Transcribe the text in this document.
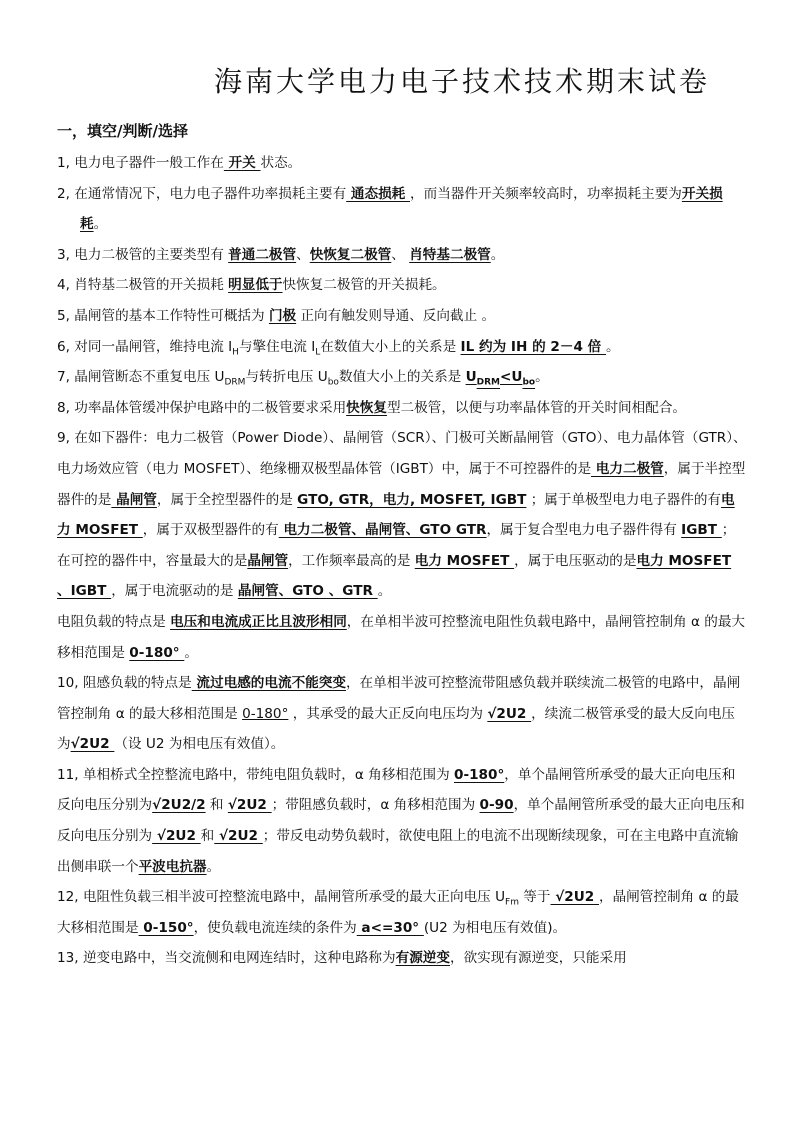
海南大学电力电子技术技术期末试卷
一，填空/判断/选择

1, 电力电子器件一般工作在 开关 状态。

2, 在通常情况下，电力电子器件功率损耗主要有 通态损耗 ，而当器件开关频率较高时，功率损耗主要为开关损耗。

3, 电力二极管的主要类型有 普通二极管、快恢复二极管、 肖特基二极管。

4, 肖特基二极管的开关损耗 明显低于快恢复二极管的开关损耗。

5, 晶闸管的基本工作特性可概括为 门极 正向有触发则导通、反向截止 。

6, 对同一晶闸管，维持电流 $I_H$与擎住电流 $I_L$在数值大小上的关系是 IL 约为 IH 的 2－4 倍 。

7, 晶闸管断态不重复电压 $U_{DRM}$与转折电压 $U_{bo}$数值大小上的关系是 $U_{DRM}<U_{bo}$。

8, 功率晶体管缓冲保护电路中的二极管要求采用快恢复型二极管，以便与功率晶体管的开关时间相配合。

9, 在如下器件：电力二极管（Power Diode）、晶闸管（SCR）、门极可关断晶闸管（GTO）、电力晶体管（GTR）、电力场效应管（电力 MOSFET）、绝缘栅双极型晶体管（IGBT）中，属于不可控器件的是 电力二极管，属于半控型器件的是 晶闸管，属于全控型器件的是 GTO, GTR，电力, MOSFET, IGBT ；属于单极型电力电子器件的有电力 MOSFET ，属于双极型器件的有 电力二极管、晶闸管、GTO GTR，属于复合型电力电子器件得有 IGBT ；在可控的器件中，容量最大的是晶闸管，工作频率最高的是 电力 MOSFET ，属于电压驱动的是电力 MOSFET 、IGBT ，属于电流驱动的是 晶闸管、GTO 、GTR 。

电阻负载的特点是 电压和电流成正比且波形相同，在单相半波可控整流电阻性负载电路中，晶闸管控制角 α 的最大移相范围是 0-180° 。

10, 阻感负载的特点是 流过电感的电流不能突变，在单相半波可控整流带阻感负载并联续流二极管的电路中，晶闸管控制角 α 的最大移相范围是 0-180° ，其承受的最大正反向电压均为 √2U2 ，续流二极管承受的最大反向电压为√2U2 （设 U2 为相电压有效值）。

11, 单相桥式全控整流电路中，带纯电阻负载时，α 角移相范围为 0-180°，单个晶闸管所承受的最大正向电压和反向电压分别为√2U2/2 和 √2U2 ；带阻感负载时，α 角移相范围为 0-90，单个晶闸管所承受的最大正向电压和反向电压分别为 √2U2 和 √2U2 ；带反电动势负载时，欲使电阻上的电流不出现断续现象，可在主电路中直流输出侧串联一个平波电抗器。

12, 电阻性负载三相半波可控整流电路中，晶闸管所承受的最大正向电压 $U_{Fm}$ 等于 √2U2 ，晶闸管控制角 α 的最大移相范围是 0-150°，使负载电流连续的条件为 a<=30° (U2 为相电压有效值)。

13, 逆变电路中，当交流侧和电网连结时，这种电路称为有源逆变，欲实现有源逆变，只能采用
